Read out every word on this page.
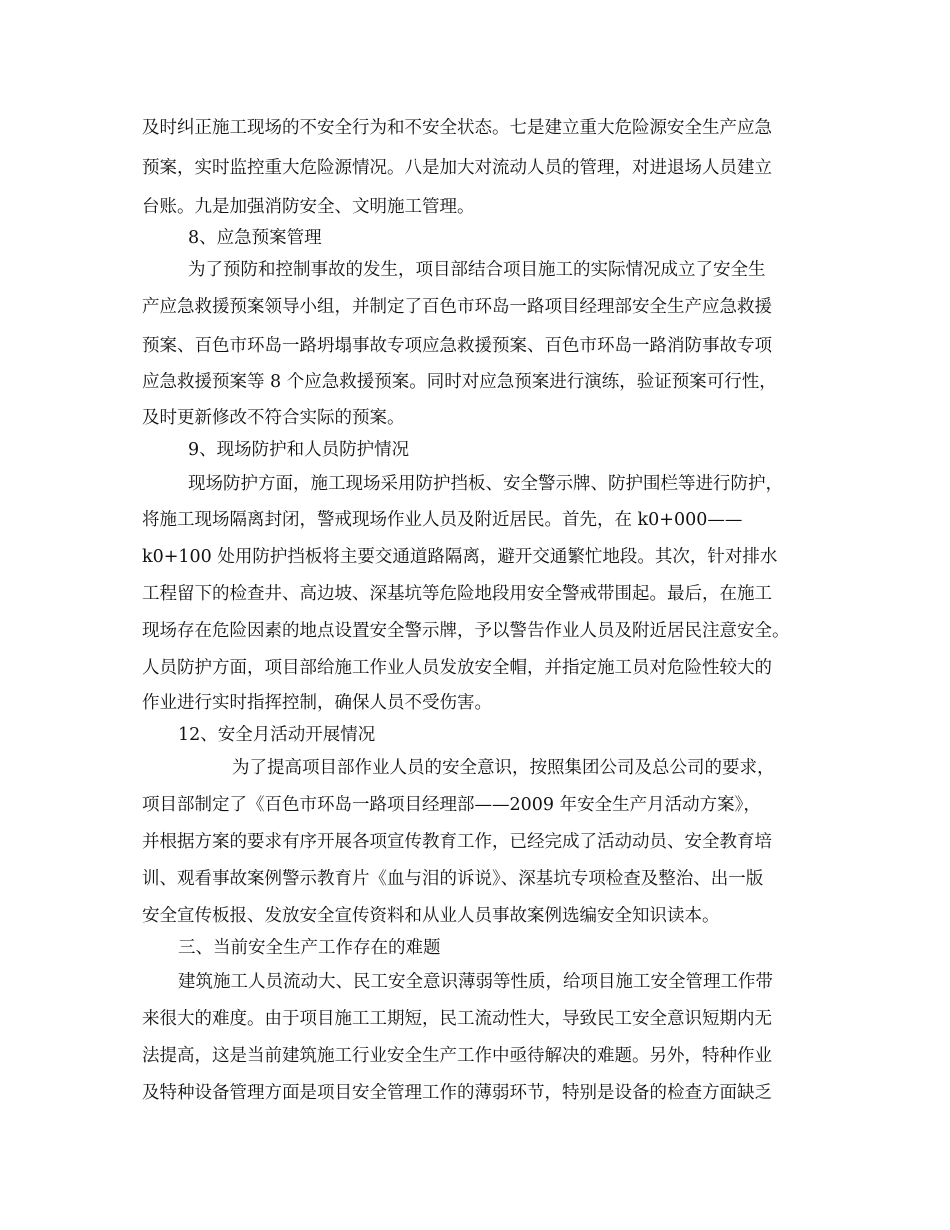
及时纠正施工现场的不安全行为和不安全状态。七是建立重大危险源安全生产应急
预案，实时监控重大危险源情况。八是加大对流动人员的管理，对进退场人员建立
台账。九是加强消防安全、文明施工管理。
8、应急预案管理
为了预防和控制事故的发生，项目部结合项目施工的实际情况成立了安全生
产应急救援预案领导小组，并制定了百色市环岛一路项目经理部安全生产应急救援
预案、百色市环岛一路坍塌事故专项应急救援预案、百色市环岛一路消防事故专项
应急救援预案等 8 个应急救援预案。同时对应急预案进行演练，验证预案可行性，
及时更新修改不符合实际的预案。
9、现场防护和人员防护情况
现场防护方面，施工现场采用防护挡板、安全警示牌、防护围栏等进行防护，
将施工现场隔离封闭，警戒现场作业人员及附近居民。首先，在 k0+000——
k0+100 处用防护挡板将主要交通道路隔离，避开交通繁忙地段。其次，针对排水
工程留下的检查井、高边坡、深基坑等危险地段用安全警戒带围起。最后，在施工
现场存在危险因素的地点设置安全警示牌，予以警告作业人员及附近居民注意安全。
人员防护方面，项目部给施工作业人员发放安全帽，并指定施工员对危险性较大的
作业进行实时指挥控制，确保人员不受伤害。
12、安全月活动开展情况
为了提高项目部作业人员的安全意识，按照集团公司及总公司的要求，
项目部制定了《百色市环岛一路项目经理部——2009 年安全生产月活动方案》，
并根据方案的要求有序开展各项宣传教育工作，已经完成了活动动员、安全教育培
训、观看事故案例警示教育片《血与泪的诉说》、深基坑专项检查及整治、出一版
安全宣传板报、发放安全宣传资料和从业人员事故案例选编安全知识读本。
三、当前安全生产工作存在的难题
建筑施工人员流动大、民工安全意识薄弱等性质，给项目施工安全管理工作带
来很大的难度。由于项目施工工期短，民工流动性大，导致民工安全意识短期内无
法提高，这是当前建筑施工行业安全生产工作中亟待解决的难题。另外，特种作业
及特种设备管理方面是项目安全管理工作的薄弱环节，特别是设备的检查方面缺乏
